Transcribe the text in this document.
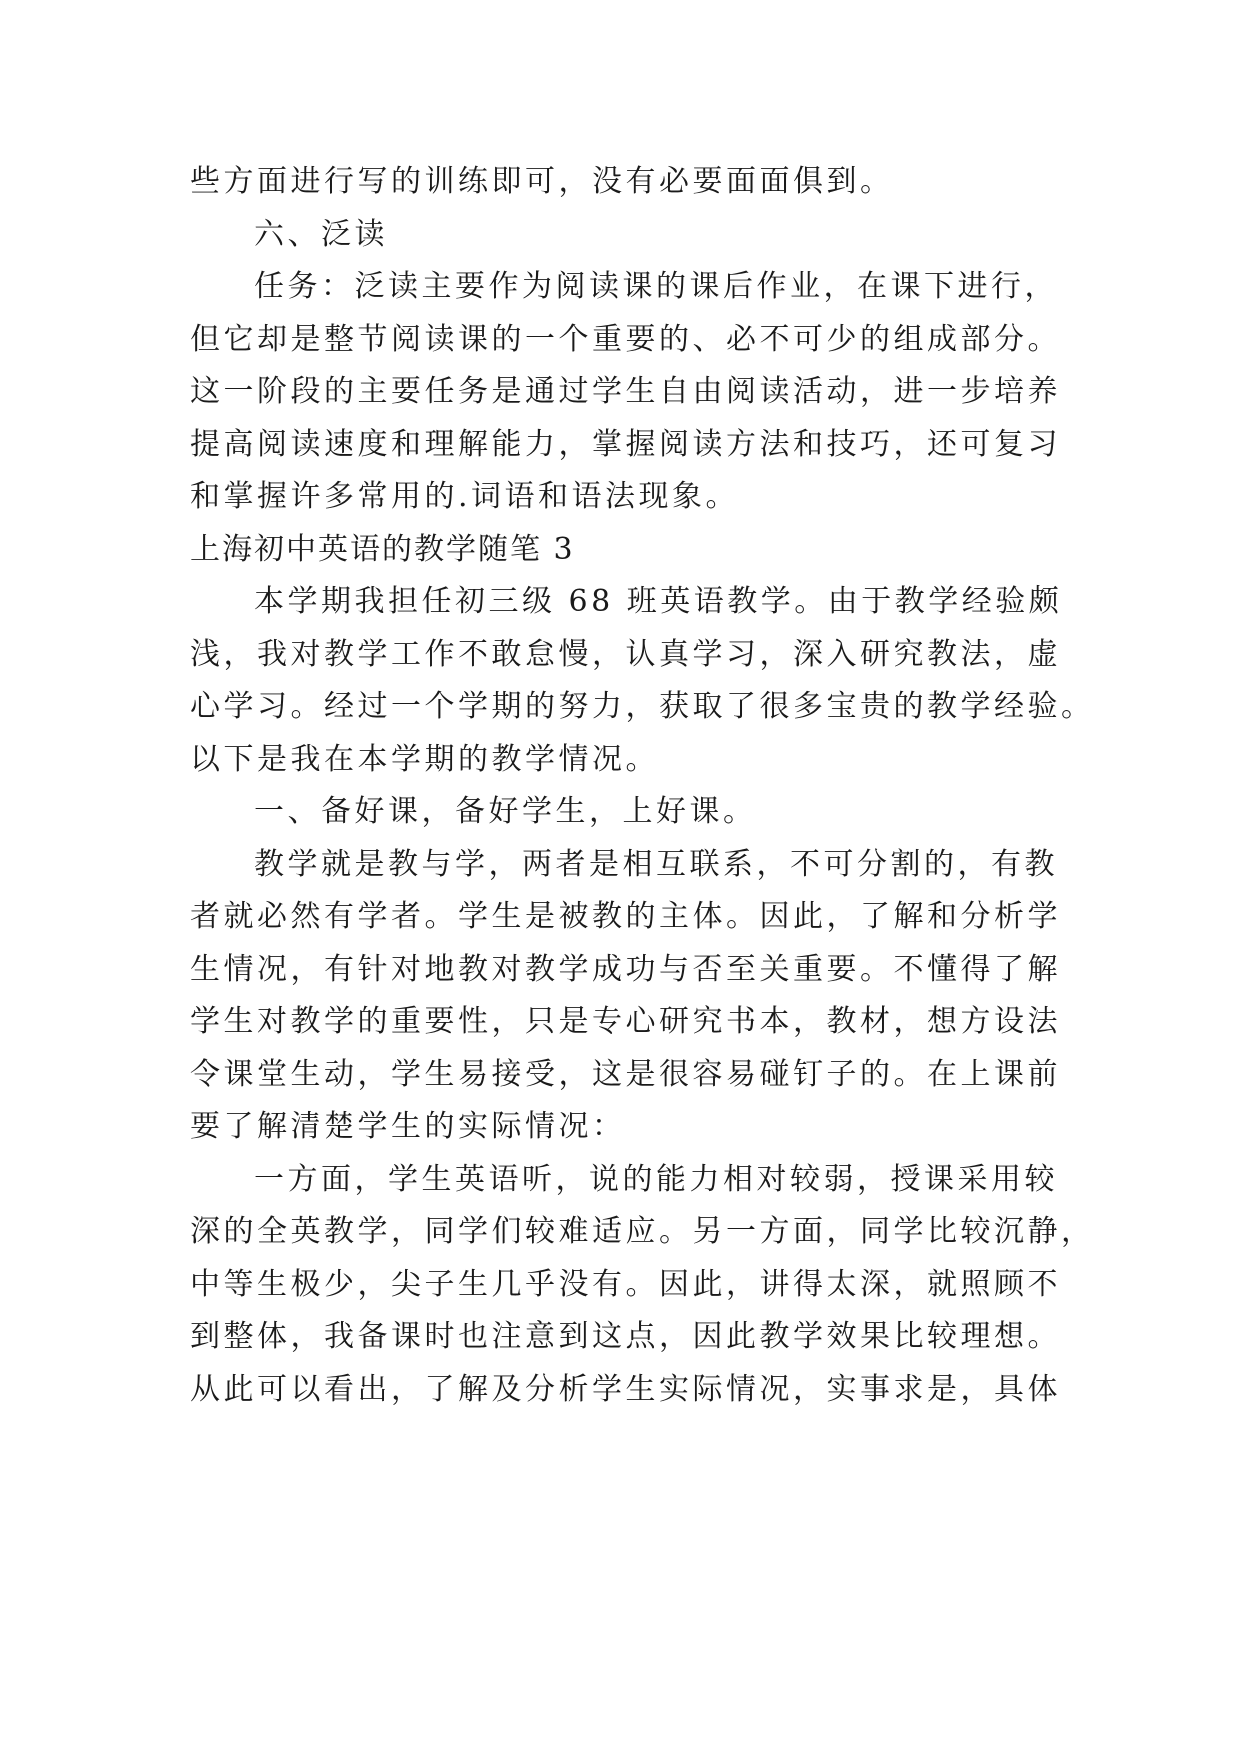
些方面进行写的训练即可，没有必要面面俱到。
六、泛读
任务：泛读主要作为阅读课的课后作业，在课下进行，
但它却是整节阅读课的一个重要的、必不可少的组成部分。
这一阶段的主要任务是通过学生自由阅读活动，进一步培养
提高阅读速度和理解能力，掌握阅读方法和技巧，还可复习
和掌握许多常用的.词语和语法现象。
上海初中英语的教学随笔 3
本学期我担任初三级 68 班英语教学。由于教学经验颇
浅，我对教学工作不敢怠慢，认真学习，深入研究教法，虚
心学习。经过一个学期的努力，获取了很多宝贵的教学经验。
以下是我在本学期的教学情况。
一、备好课，备好学生，上好课。
教学就是教与学，两者是相互联系，不可分割的，有教
者就必然有学者。学生是被教的主体。因此，了解和分析学
生情况，有针对地教对教学成功与否至关重要。不懂得了解
学生对教学的重要性，只是专心研究书本，教材，想方设法
令课堂生动，学生易接受，这是很容易碰钉子的。在上课前
要了解清楚学生的实际情况：
一方面，学生英语听，说的能力相对较弱，授课采用较
深的全英教学，同学们较难适应。另一方面，同学比较沉静，
中等生极少，尖子生几乎没有。因此，讲得太深，就照顾不
到整体，我备课时也注意到这点，因此教学效果比较理想。
从此可以看出，了解及分析学生实际情况，实事求是，具体
